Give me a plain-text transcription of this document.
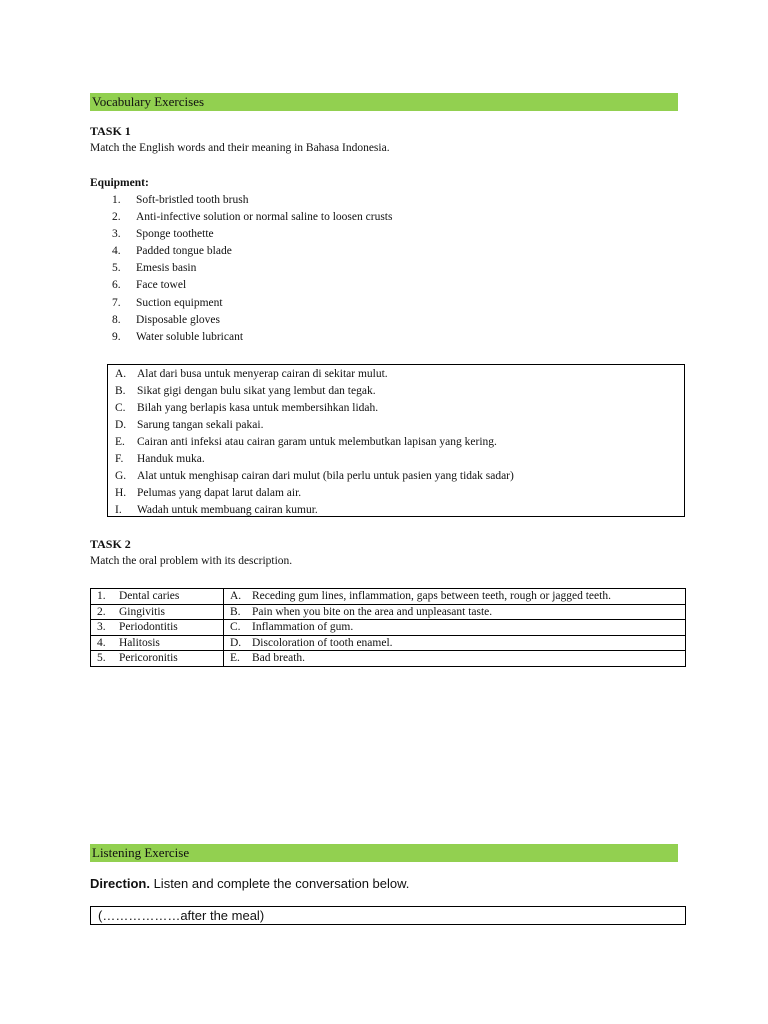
Vocabulary Exercises
TASK 1
Match the English words and their meaning in Bahasa Indonesia.
Equipment:
1. Soft-bristled tooth brush
2. Anti-infective solution or normal saline to loosen crusts
3. Sponge toothette
4. Padded tongue blade
5. Emesis basin
6. Face towel
7. Suction equipment
8. Disposable gloves
9. Water soluble lubricant
A. Alat dari busa untuk menyerap cairan di sekitar mulut.
B. Sikat gigi dengan bulu sikat yang lembut dan tegak.
C. Bilah yang berlapis kasa untuk membersihkan lidah.
D. Sarung tangan sekali pakai.
E. Cairan anti infeksi atau cairan garam untuk melembutkan lapisan yang kering.
F. Handuk muka.
G. Alat untuk menghisap cairan dari mulut (bila perlu untuk pasien yang tidak sadar)
H. Pelumas yang dapat larut dalam air.
I. Wadah untuk membuang cairan kumur.
TASK 2
Match the oral problem with its description.
1. Dental caries	A. Receding gum lines, inflammation, gaps between teeth, rough or jagged teeth.
2. Gingivitis	B. Pain when you bite on the area and unpleasant taste.
3. Periodontitis	C. Inflammation of gum.
4. Halitosis	D. Discoloration of tooth enamel.
5. Pericoronitis	E. Bad breath.
Listening Exercise
Direction. Listen and complete the conversation below.
(………………after the meal)
